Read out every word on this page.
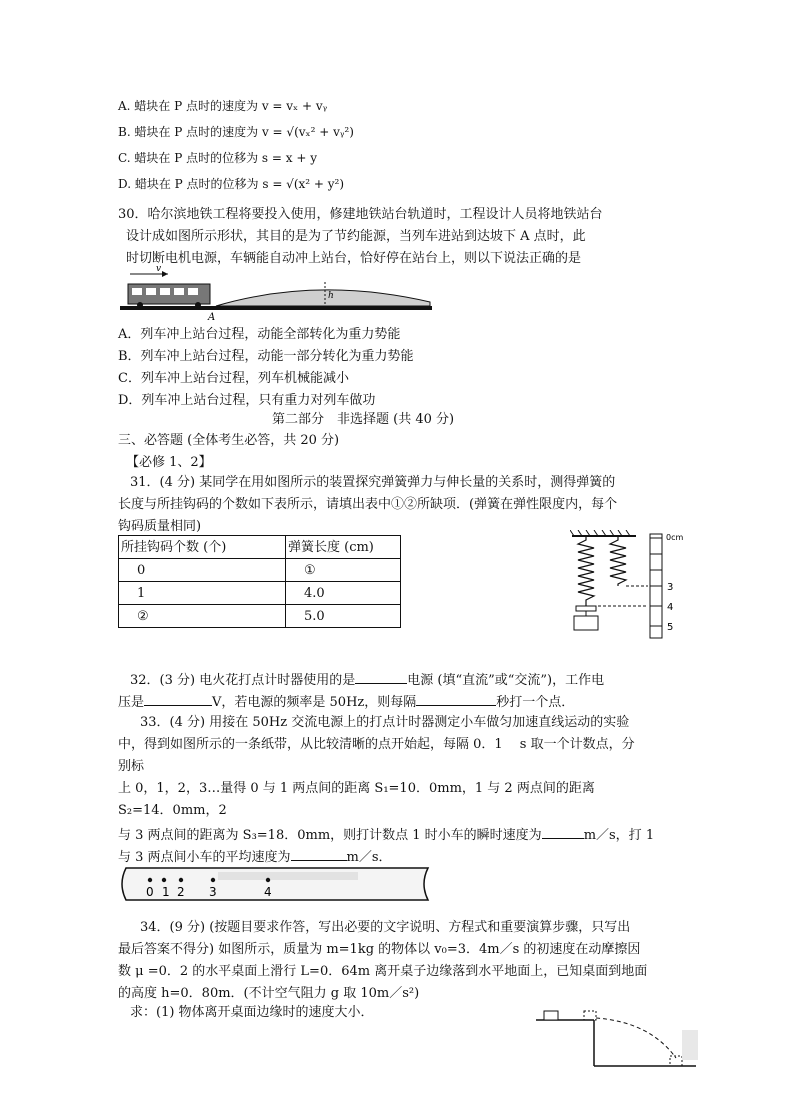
A. 蜡块在 P 点时的速度为 v = vₓ + vᵧ
B. 蜡块在 P 点时的速度为 v = √(vₓ² + vᵧ²)
C. 蜡块在 P 点时的位移为 s = x + y
D. 蜡块在 P 点时的位移为 s = √(x² + y²)
30．哈尔滨地铁工程将要投入使用，修建地铁站台轨道时，工程设计人员将地铁站台
设计成如图所示形状，其目的是为了节约能源，当列车进站到达坡下 A 点时，此
时切断电机电源，车辆能自动冲上站台，恰好停在站台上，则以下说法正确的是
v
h
A
A．列车冲上站台过程，动能全部转化为重力势能
B．列车冲上站台过程，动能一部分转化为重力势能
C．列车冲上站台过程，列车机械能减小
D．列车冲上站台过程，只有重力对列车做功
第二部分　非选择题 (共 40 分)
三、必答题 (全体考生必答，共 20 分)
【必修 1、2】
31．(4 分) 某同学在用如图所示的装置探究弹簧弹力与伸长量的关系时，测得弹簧的
长度与所挂钩码的个数如下表所示，请填出表中①②所缺项．(弹簧在弹性限度内，每个
钩码质量相同)
所挂钩码个数 (个)	弹簧长度 (cm)
0	①
1	4.0
②	5.0
0cm
3
4
5
32．(3 分) 电火花打点计时器使用的是	电源 (填“直流”或“交流”)，工作电
压是	V，若电源的频率是 50Hz，则每隔	秒打一个点．
33．(4 分) 用接在 50Hz 交流电源上的打点计时器测定小车做匀加速直线运动的实验
中，得到如图所示的一条纸带，从比较清晰的点开始起，每隔 0．1　 s 取一个计数点，分
别标
上 0，1，2，3…量得 0 与 1 两点间的距离 S₁=10．0mm，1 与 2 两点间的距离
S₂=14．0mm，2
与 3 两点间的距离为 S₃=18．0mm，则打计数点 1 时小车的瞬时速度为	m／s，打 1
与 3 两点间小车的平均速度为	m／s．
0 1 2 3	4
34．(9 分) (按题目要求作答，写出必要的文字说明、方程式和重要演算步骤，只写出
最后答案不得分) 如图所示，质量为 m=1kg 的物体以 v₀=3．4m／s 的初速度在动摩擦因
数 μ =0．2 的水平桌面上滑行 L=0．64m 离开桌子边缘落到水平地面上，已知桌面到地面
的高度 h=0．80m．(不计空气阻力 g 取 10m／s²)
求：(1) 物体离开桌面边缘时的速度大小．
